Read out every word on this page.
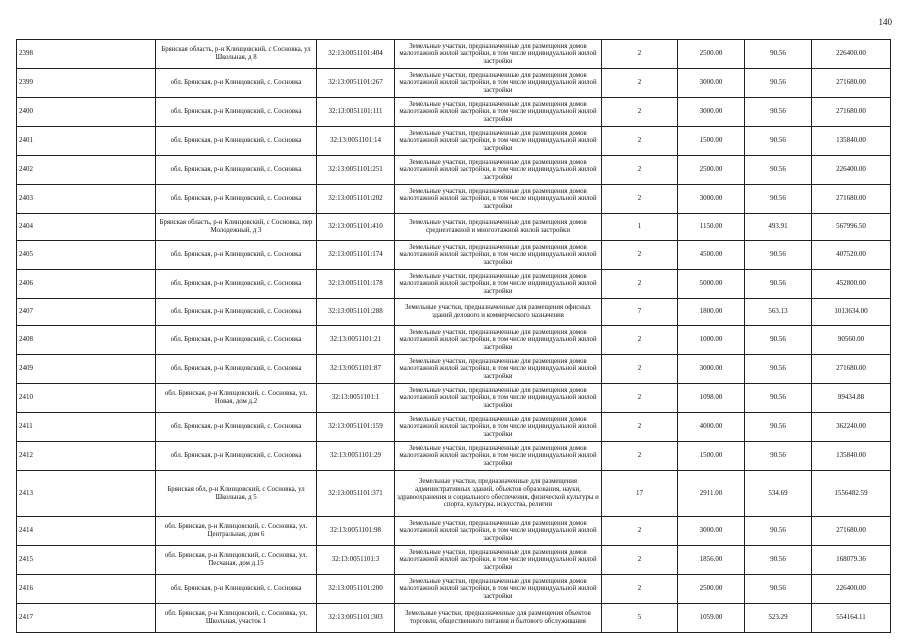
140
2398	Брянская область, р-н Клинцовский, с Сосновка, ул Школьная, д 8	32:13:0051101:404	Земельные участки, предназначенные для размещения домов малоэтажной жилой застройки, в том числе индивидуальной жилой застройки	2	2500.00	90.56	226400.00
2399	обл. Брянская, р-н Клинцовский, с. Сосновка	32:13:0051101:267	Земельные участки, предназначенные для размещения домов малоэтажной жилой застройки, в том числе индивидуальной жилой застройки	2	3000.00	90.56	271680.00
2400	обл. Брянская, р-н Клинцовский, с. Сосновка	32:13:0051101:111	Земельные участки, предназначенные для размещения домов малоэтажной жилой застройки, в том числе индивидуальной жилой застройки	2	3000.00	90.56	271680.00
2401	обл. Брянская, р-н Клинцовский, с. Сосновка	32:13:0051101:14	Земельные участки, предназначенные для размещения домов малоэтажной жилой застройки, в том числе индивидуальной жилой застройки	2	1500.00	90.56	135840.00
2402	обл. Брянская, р-н Клинцовский, с. Сосновка	32:13:0051101:251	Земельные участки, предназначенные для размещения домов малоэтажной жилой застройки, в том числе индивидуальной жилой застройки	2	2500.00	90.56	226400.00
2403	обл. Брянская, р-н Клинцовский, с. Сосновка	32:13:0051101:202	Земельные участки, предназначенные для размещения домов малоэтажной жилой застройки, в том числе индивидуальной жилой застройки	2	3000.00	90.56	271680.00
2404	Брянская область, р-н Клинцовский, с Сосновка, пер Молодежный, д 3	32:13:0051101:410	Земельные участки, предназначенные для размещения домов среднеэтажной и многоэтажной жилой застройки	1	1150.00	493.91	567996.50
2405	обл. Брянская, р-н Клинцовский, с. Сосновка	32:13:0051101:174	Земельные участки, предназначенные для размещения домов малоэтажной жилой застройки, в том числе индивидуальной жилой застройки	2	4500.00	90.56	407520.00
2406	обл. Брянская, р-н Клинцовский, с. Сосновка	32:13:0051101:178	Земельные участки, предназначенные для размещения домов малоэтажной жилой застройки, в том числе индивидуальной жилой застройки	2	5000.00	90.56	452800.00
2407	обл. Брянская, р-н Клинцовский, с. Сосновка	32:13:0051101:288	Земельные участки, предназначенные для размещения офисных зданий делового и коммерческого назначения	7	1800.00	563.13	1013634.00
2408	обл. Брянская, р-н Клинцовский, с. Сосновка	32:13:0051101:21	Земельные участки, предназначенные для размещения домов малоэтажной жилой застройки, в том числе индивидуальной жилой застройки	2	1000.00	90.56	90560.00
2409	обл. Брянская, р-н Клинцовский, с. Сосновка	32:13:0051101:87	Земельные участки, предназначенные для размещения домов малоэтажной жилой застройки, в том числе индивидуальной жилой застройки	2	3000.00	90.56	271680.00
2410	обл. Брянская, р-н Клинцовский, с. Сосновка, ул. Новая, дом д.2	32:13:0051101:1	Земельные участки, предназначенные для размещения домов малоэтажной жилой застройки, в том числе индивидуальной жилой застройки	2	1098.00	90.56	99434.88
2411	обл. Брянская, р-н Клинцовский, с. Сосновка	32:13:0051101:159	Земельные участки, предназначенные для размещения домов малоэтажной жилой застройки, в том числе индивидуальной жилой застройки	2	4000.00	90.56	362240.00
2412	обл. Брянская, р-н Клинцовский, с. Сосновка	32:13:0051101:29	Земельные участки, предназначенные для размещения домов малоэтажной жилой застройки, в том числе индивидуальной жилой застройки	2	1500.00	90.56	135840.00
2413	Брянская обл, р-н Клинцовский, с Сосновка, ул Школьная, д 5	32:13:0051101:371	Земельные участки, предназначенные для размещения административных зданий, объектов образования, науки, здравоохранения и социального обеспечения, физической культуры и спорта, культуры, искусства, религии	17	2911.00	534.69	1556482.59
2414	обл. Брянская, р-н Клинцовский, с. Сосновка, ул. Центральная, дом 6	32:13:0051101:98	Земельные участки, предназначенные для размещения домов малоэтажной жилой застройки, в том числе индивидуальной жилой застройки	2	3000.00	90.56	271680.00
2415	обл. Брянская, р-н Клинцовский, с. Сосновка, ул. Песчаная, дом д.15	32:13:0051101:3	Земельные участки, предназначенные для размещения домов малоэтажной жилой застройки, в том числе индивидуальной жилой застройки	2	1856.00	90.56	168079.36
2416	обл. Брянская, р-н Клинцовский, с. Сосновка	32:13:0051101:200	Земельные участки, предназначенные для размещения домов малоэтажной жилой застройки, в том числе индивидуальной жилой застройки	2	2500.00	90.56	226400.00
2417	обл. Брянская, р-н Клинцовский, с. Сосновка, ул. Школьная, участок 1	32:13:0051101:303	Земельные участки, предназначенные для размещения объектов торговли, общественного питания и бытового обслуживания	5	1059.00	523.29	554164.11
